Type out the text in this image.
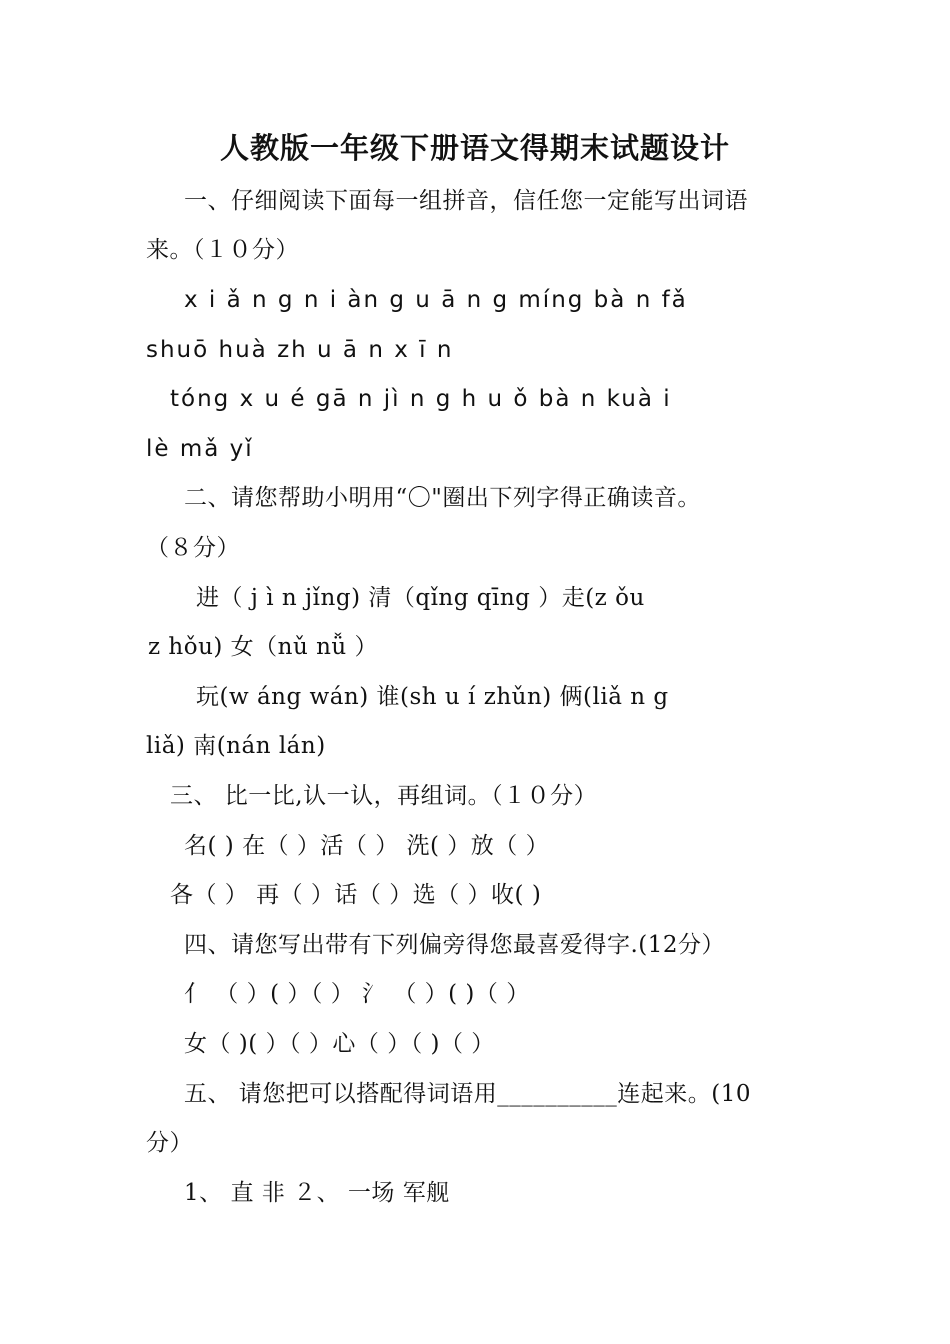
人教版一年级下册语文得期末试题设计
一、仔细阅读下面每一组拼音，信任您一定能写出词语
来。（１０分）
x i ǎ n g n i àn g u ā n g míng bà n fǎ
shuō huà zh u ā n x ī n
tóng x u é gā n jì n g h u ǒ bà n kuà i
lè mǎ yǐ
二、请您帮助小明用“〇"圈出下列字得正确读音。
（８分）
进（ j ì n jǐng) 清（qǐng qīng ）走(z ǒu
z hǒu) 女（nǔ nǚ ）
玩(w áng wán) 谁(sh u í zhǔn) 俩(liǎ n g
liǎ) 南(nán lán)
三、 比一比,认一认，再组词。（１０分）
名( ) 在（ ）活（ ） 洗( ）放（ ）
各（ ） 再（ ）话（ ）选（ ）收( )
四、请您写出带有下列偏旁得您最喜爱得字.(12分）
亻 （ ）( ）（ ） 氵 （ ）( )（ ）
女（ )( ）（ ）心（ ）（ )（ ）
五、 请您把可以搭配得词语用__________连起来。(10
分）
1、 直 非 ２、 一场 军舰
